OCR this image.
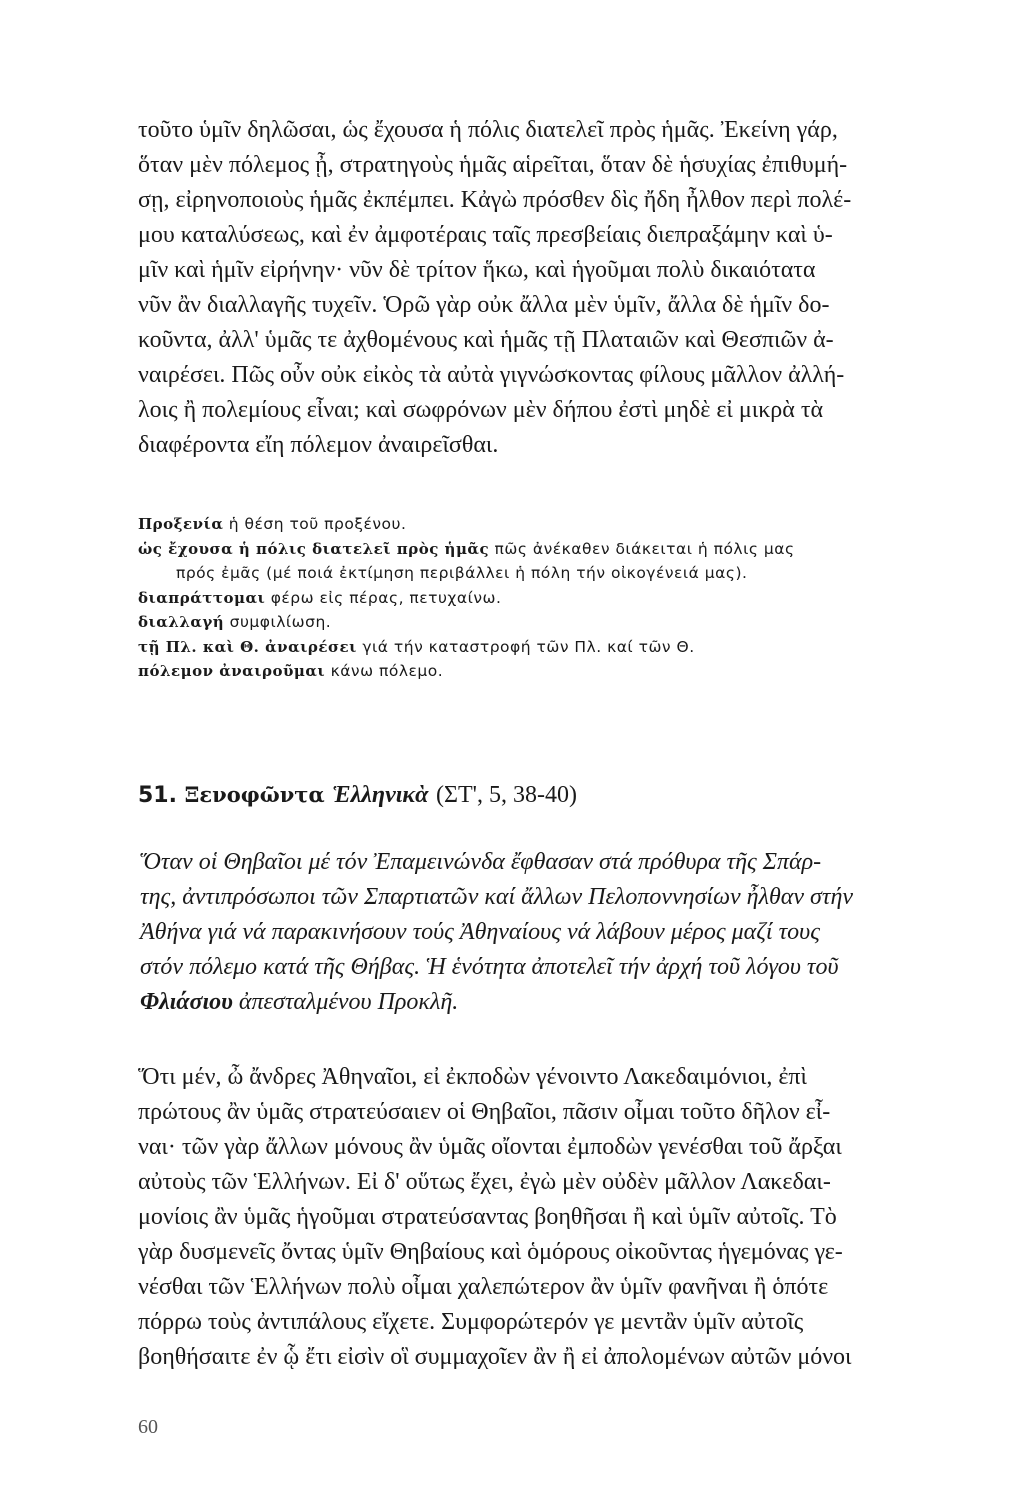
τοῦτο ὑμῖν δηλῶσαι, ὡς ἔχουσα ἡ πόλις διατελεῖ πρὸς ἡμᾶς. Ἐκείνη γάρ,
ὅταν μὲν πόλεμος ᾖ, στρατηγοὺς ἡμᾶς αἱρεῖται, ὅταν δὲ ἡσυχίας ἐπιθυμή-
σῃ, εἰρηνοποιοὺς ἡμᾶς ἐκπέμπει. Κἀγὼ πρόσθεν δὶς ἤδη ἦλθον περὶ πολέ-
μου καταλύσεως, καὶ ἐν ἀμφοτέραις ταῖς πρεσβείαις διεπραξάμην καὶ ὑ-
μῖν καὶ ἡμῖν εἰρήνην· νῦν δὲ τρίτον ἥκω, καὶ ἡγοῦμαι πολὺ δικαιότατα
νῦν ἂν διαλλαγῆς τυχεῖν. Ὁρῶ γὰρ οὐκ ἄλλα μὲν ὑμῖν, ἄλλα δὲ ἡμῖν δο-
κοῦντα, ἀλλ' ὑμᾶς τε ἀχθομένους καὶ ἡμᾶς τῇ Πλαταιῶν καὶ Θεσπιῶν ἀ-
ναιρέσει. Πῶς οὖν οὐκ εἰκὸς τὰ αὐτὰ γιγνώσκοντας φίλους μᾶλλον ἀλλή-
λοις ἢ πολεμίους εἶναι; καὶ σωφρόνων μὲν δήπου ἐστὶ μηδὲ εἰ μικρὰ τὰ
διαφέροντα εἴη πόλεμον ἀναιρεῖσθαι.
Προξενία ἡ θέση τοῦ προξένου.
ὡς ἔχουσα ἡ πόλις διατελεῖ πρὸς ἡμᾶς πῶς ἀνέκαθεν διάκειται ἡ πόλις μας
πρός ἐμᾶς (μέ ποιά ἐκτίμηση περιβάλλει ἡ πόλη τήν οἰκογένειά μας).
διαπράττομαι φέρω εἰς πέρας, πετυχαίνω.
διαλλαγή συμφιλίωση.
τῇ Πλ. καὶ Θ. ἀναιρέσει γιά τήν καταστροφή τῶν Πλ. καί τῶν Θ.
πόλεμον ἀναιροῦμαι κάνω πόλεμο.
51. Ξενοφῶντα Ἑλληνικὰ (ΣΤ', 5, 38-40)
Ὅταν οἱ Θηβαῖοι μέ τόν Ἐπαμεινώνδα ἔφθασαν στά πρόθυρα τῆς Σπάρ-
της, ἀντιπρόσωποι τῶν Σπαρτιατῶν καί ἄλλων Πελοποννησίων ἦλθαν στήν
Ἀθήνα γιά νά παρακινήσουν τούς Ἀθηναίους νά λάβουν μέρος μαζί τους
στόν πόλεμο κατά τῆς Θήβας. Ἡ ἑνότητα ἀποτελεῖ τήν ἀρχή τοῦ λόγου τοῦ
Φλιάσιου ἀπεσταλμένου Προκλῆ.
Ὅτι μέν, ὦ ἄνδρες Ἀθηναῖοι, εἰ ἐκποδὼν γένοιντο Λακεδαιμόνιοι, ἐπὶ
πρώτους ἂν ὑμᾶς στρατεύσαιεν οἱ Θηβαῖοι, πᾶσιν οἶμαι τοῦτο δῆλον εἶ-
ναι· τῶν γὰρ ἄλλων μόνους ἂν ὑμᾶς οἴονται ἐμποδὼν γενέσθαι τοῦ ἄρξαι
αὐτοὺς τῶν Ἑλλήνων. Εἰ δ' οὕτως ἔχει, ἐγὼ μὲν οὐδὲν μᾶλλον Λακεδαι-
μονίοις ἂν ὑμᾶς ἡγοῦμαι στρατεύσαντας βοηθῆσαι ἢ καὶ ὑμῖν αὐτοῖς. Τὸ
γὰρ δυσμενεῖς ὄντας ὑμῖν Θηβαίους καὶ ὁμόρους οἰκοῦντας ἡγεμόνας γε-
νέσθαι τῶν Ἑλλήνων πολὺ οἶμαι χαλεπώτερον ἂν ὑμῖν φανῆναι ἢ ὁπότε
πόρρω τοὺς ἀντιπάλους εἴχετε. Συμφορώτερόν γε μεντἂν ὑμῖν αὐτοῖς
βοηθήσαιτε ἐν ᾧ ἔτι εἰσὶν οἳ συμμαχοῖεν ἂν ἢ εἰ ἀπολομένων αὐτῶν μόνοι
60
